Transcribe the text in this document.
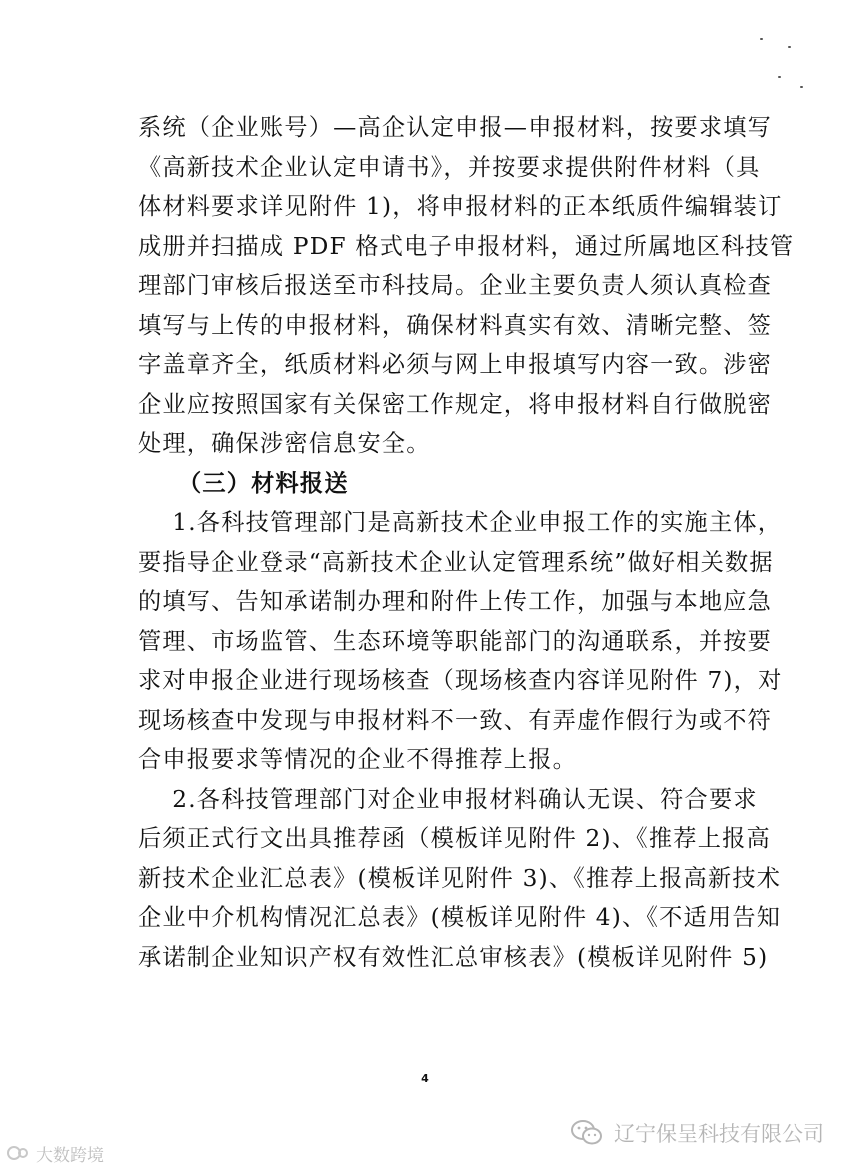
系统（企业账号）—高企认定申报—申报材料，按要求填写
《高新技术企业认定申请书》，并按要求提供附件材料（具
体材料要求详见附件 1)，将申报材料的正本纸质件编辑装订
成册并扫描成 PDF 格式电子申报材料，通过所属地区科技管
理部门审核后报送至市科技局。企业主要负责人须认真检查
填写与上传的申报材料，确保材料真实有效、清晰完整、签
字盖章齐全，纸质材料必须与网上申报填写内容一致。涉密
企业应按照国家有关保密工作规定，将申报材料自行做脱密
处理，确保涉密信息安全。
（三）材料报送
1.各科技管理部门是高新技术企业申报工作的实施主体，
要指导企业登录“高新技术企业认定管理系统”做好相关数据
的填写、告知承诺制办理和附件上传工作，加强与本地应急
管理、市场监管、生态环境等职能部门的沟通联系，并按要
求对申报企业进行现场核查（现场核查内容详见附件 7)，对
现场核查中发现与申报材料不一致、有弄虚作假行为或不符
合申报要求等情况的企业不得推荐上报。
2.各科技管理部门对企业申报材料确认无误、符合要求
后须正式行文出具推荐函（模板详见附件 2)、《推荐上报高
新技术企业汇总表》(模板详见附件 3)、《推荐上报高新技术
企业中介机构情况汇总表》(模板详见附件 4)、《不适用告知
承诺制企业知识产权有效性汇总审核表》(模板详见附件 5)
4
大数跨境
辽宁保呈科技有限公司
